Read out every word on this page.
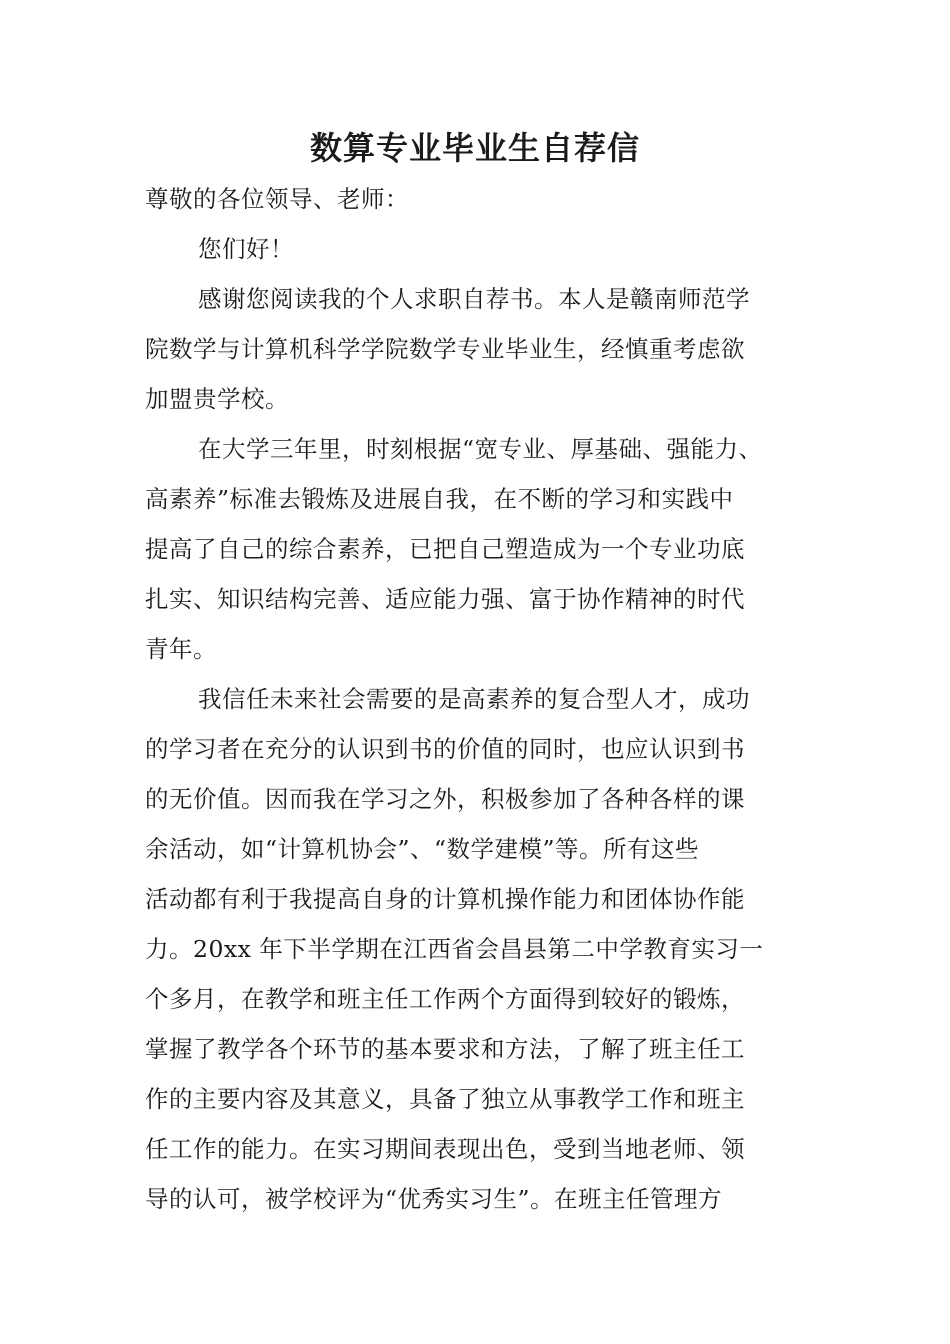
数算专业毕业生自荐信
尊敬的各位领导、老师：
您们好！
感谢您阅读我的个人求职自荐书。本人是赣南师范学
院数学与计算机科学学院数学专业毕业生，经慎重考虑欲
加盟贵学校。
在大学三年里，时刻根据“宽专业、厚基础、强能力、
高素养”标准去锻炼及进展自我，在不断的学习和实践中
提高了自己的综合素养，已把自己塑造成为一个专业功底
扎实、知识结构完善、适应能力强、富于协作精神的时代
青年。
我信任未来社会需要的是高素养的复合型人才，成功
的学习者在充分的认识到书的价值的同时，也应认识到书
的无价值。因而我在学习之外，积极参加了各种各样的课
余活动，如“计算机协会”、“数学建模”等。所有这些
活动都有利于我提高自身的计算机操作能力和团体协作能
力。20xx 年下半学期在江西省会昌县第二中学教育实习一
个多月，在教学和班主任工作两个方面得到较好的锻炼，
掌握了教学各个环节的基本要求和方法，了解了班主任工
作的主要内容及其意义，具备了独立从事教学工作和班主
任工作的能力。在实习期间表现出色，受到当地老师、领
导的认可，被学校评为“优秀实习生”。在班主任管理方
